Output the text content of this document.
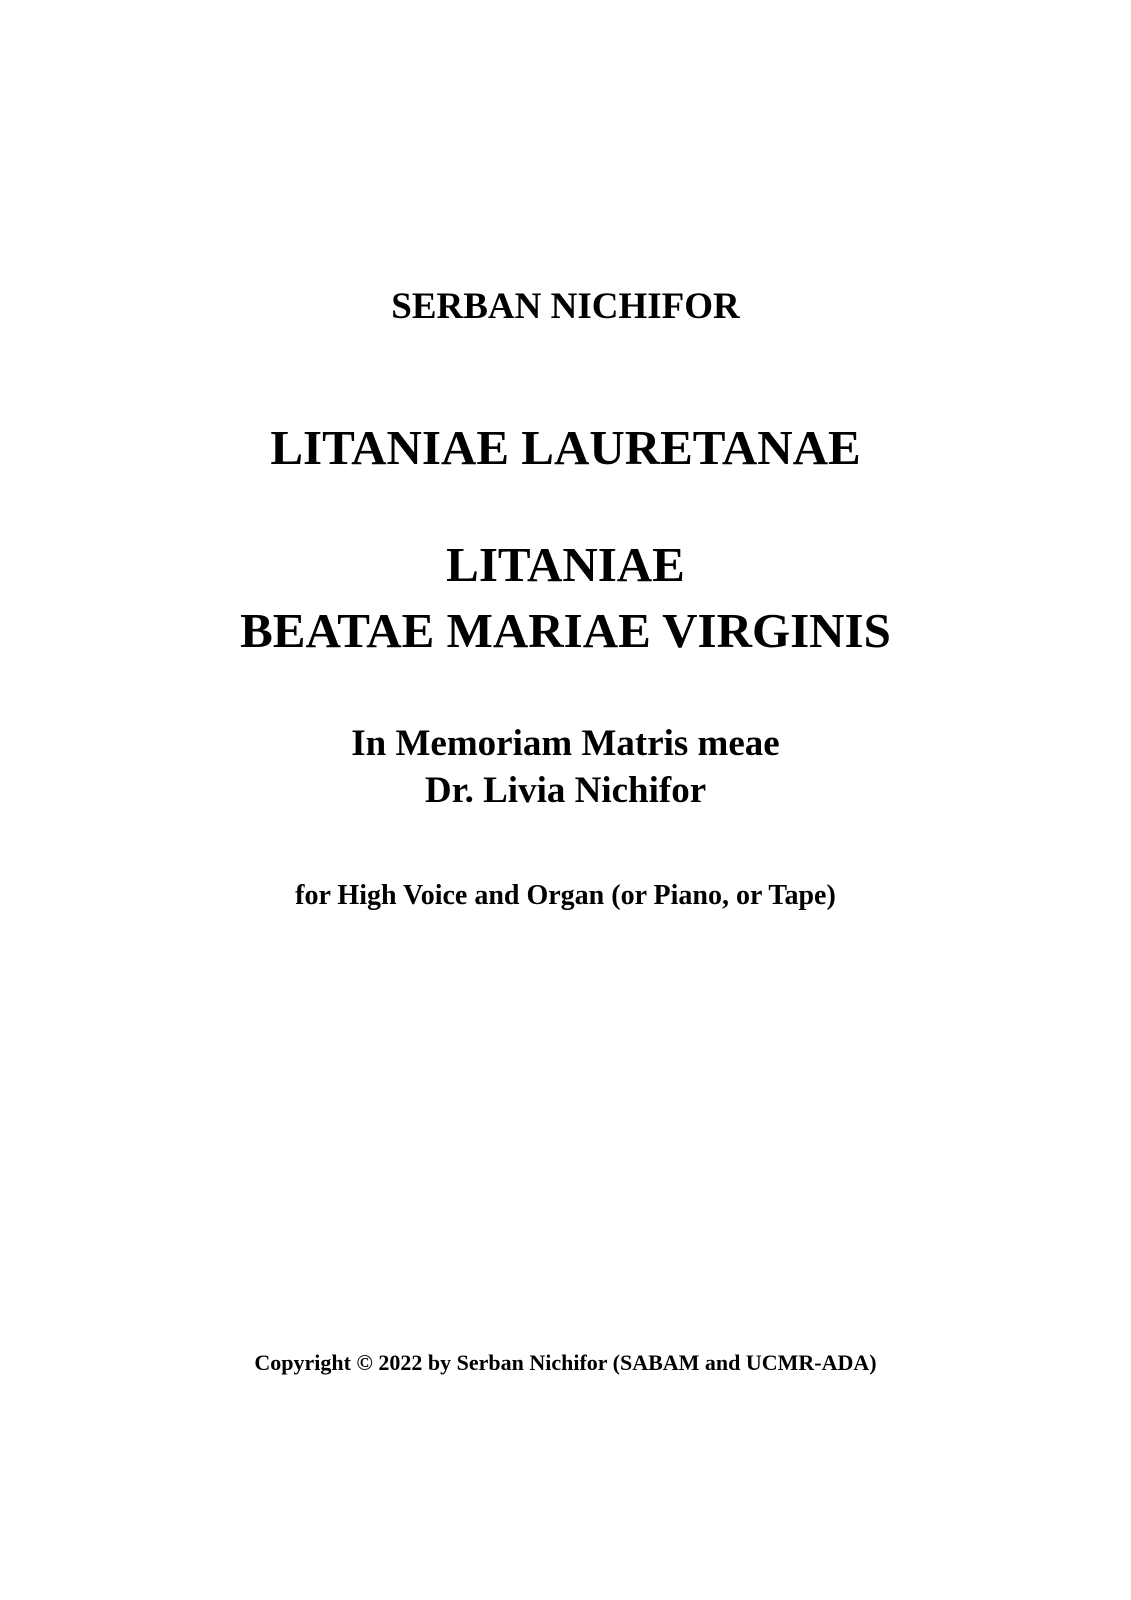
SERBAN NICHIFOR
LITANIAE LAURETANAE
LITANIAE
BEATAE MARIAE VIRGINIS
In Memoriam Matris meae
Dr. Livia Nichifor
for High Voice and Organ (or Piano, or Tape)
Copyright © 2022 by Serban Nichifor (SABAM and UCMR-ADA)
